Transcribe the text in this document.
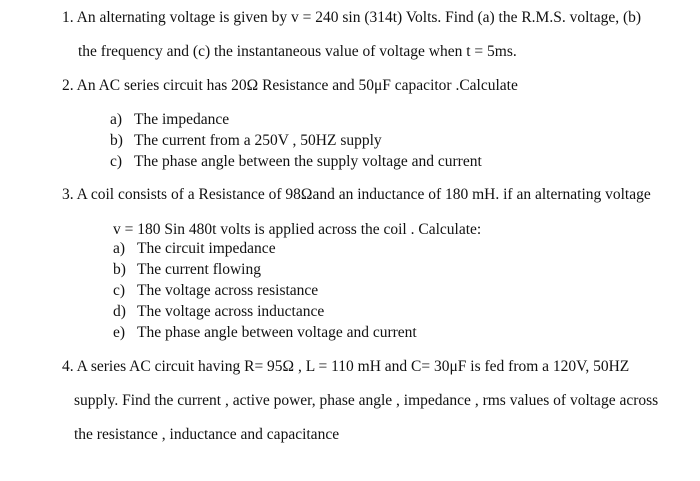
1. An alternating voltage is given by v = 240 sin (314t) Volts. Find (a) the R.M.S. voltage, (b)
the frequency and (c) the instantaneous value of voltage when t = 5ms.
2. An AC series circuit has 20Ω Resistance and 50μF capacitor .Calculate
a) The impedance
b) The current from a 250V , 50HZ supply
c) The phase angle between the supply voltage and current
3. A coil consists of a Resistance of 98Ωand an inductance of 180 mH. if an alternating voltage
v = 180 Sin 480t volts is applied across the coil . Calculate:
a) The circuit impedance
b) The current flowing
c) The voltage across resistance
d) The voltage across inductance
e) The phase angle between voltage and current
4. A series AC circuit having R= 95Ω , L = 110 mH and C= 30μF is fed from a 120V, 50HZ
supply. Find the current , active power, phase angle , impedance , rms values of voltage across
the resistance , inductance and capacitance
